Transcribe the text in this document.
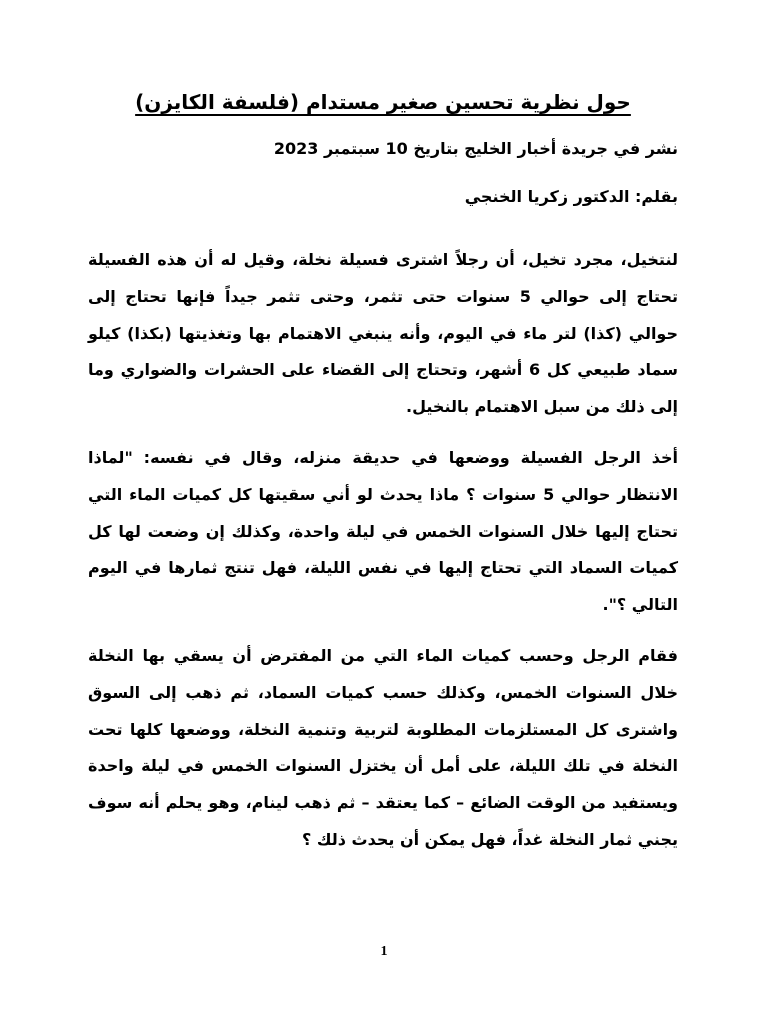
حول نظرية تحسين صغير مستدام (فلسفة الكايزن)

نشر في جريدة أخبار الخليج بتاريخ 10 سبتمبر 2023

بقلم: الدكتور زكريا الخنجي

لنتخيل، مجرد تخيل، أن رجلاً اشترى فسيلة نخلة، وقيل له أن هذه الفسيلة تحتاج إلى حوالي 5 سنوات حتى تثمر، وحتى تثمر جيداً فإنها تحتاج إلى حوالي (كذا) لتر ماء في اليوم، وأنه ينبغي الاهتمام بها وتغذيتها (بكذا) كيلو سماد طبيعي كل 6 أشهر، وتحتاج إلى القضاء على الحشرات والضواري وما إلى ذلك من سبل الاهتمام بالنخيل.

أخذ الرجل الفسيلة ووضعها في حديقة منزله، وقال في نفسه: "لماذا الانتظار حوالي 5 سنوات ؟ ماذا يحدث لو أني سقيتها كل كميات الماء التي تحتاج إليها خلال السنوات الخمس في ليلة واحدة، وكذلك إن وضعت لها كل كميات السماد التي تحتاج إليها في نفس الليلة، فهل تنتج ثمارها في اليوم التالي ؟".

فقام الرجل وحسب كميات الماء التي من المفترض أن يسقي بها النخلة خلال السنوات الخمس، وكذلك حسب كميات السماد، ثم ذهب إلى السوق واشترى كل المستلزمات المطلوبة لتربية وتنمية النخلة، ووضعها كلها تحت النخلة في تلك الليلة، على أمل أن يختزل السنوات الخمس في ليلة واحدة ويستفيد من الوقت الضائع – كما يعتقد – ثم ذهب لينام، وهو يحلم أنه سوف يجني ثمار النخلة غداً، فهل يمكن أن يحدث ذلك ؟

1
